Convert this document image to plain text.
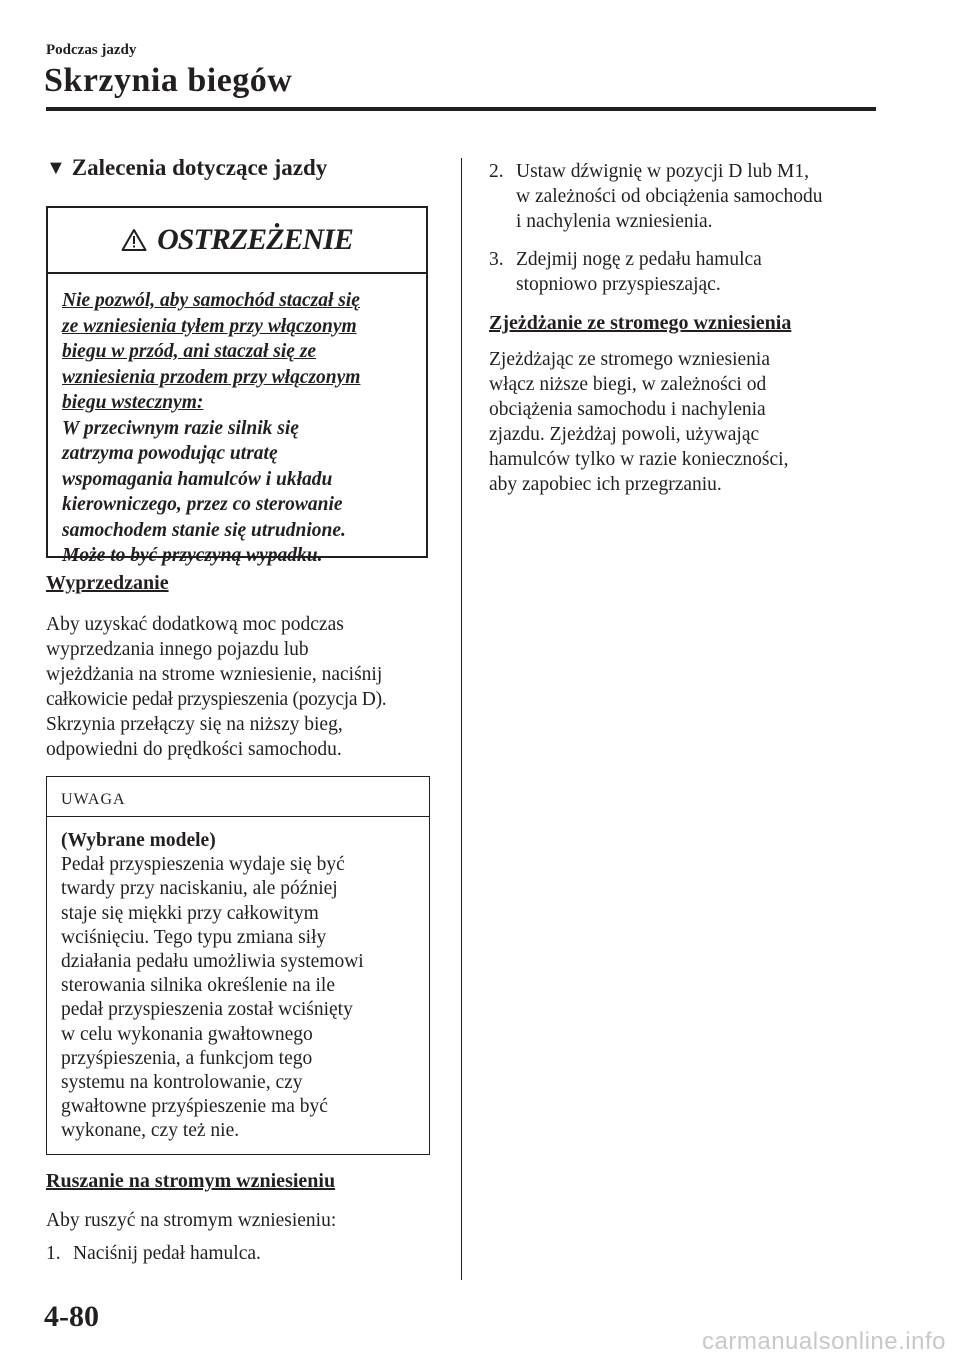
Podczas jazdy
Skrzynia biegów
▼ Zalecenia dotyczące jazdy
OSTRZEŻENIE
Nie pozwól, aby samochód staczał się
ze wzniesienia tyłem przy włączonym
biegu w przód, ani staczał się ze
wzniesienia przodem przy włączonym
biegu wstecznym:
W przeciwnym razie silnik się
zatrzyma powodując utratę
wspomagania hamulców i układu
kierowniczego, przez co sterowanie
samochodem stanie się utrudnione.
Może to być przyczyną wypadku.
Wyprzedzanie
Aby uzyskać dodatkową moc podczas
wyprzedzania innego pojazdu lub
wjeżdżania na strome wzniesienie, naciśnij
całkowicie pedał przyspieszenia (pozycja D).
Skrzynia przełączy się na niższy bieg,
odpowiedni do prędkości samochodu.
UWAGA
(Wybrane modele)
Pedał przyspieszenia wydaje się być
twardy przy naciskaniu, ale później
staje się miękki przy całkowitym
wciśnięciu. Tego typu zmiana siły
działania pedału umożliwia systemowi
sterowania silnika określenie na ile
pedał przyspieszenia został wciśnięty
w celu wykonania gwałtownego
przyśpieszenia, a funkcjom tego
systemu na kontrolowanie, czy
gwałtowne przyśpieszenie ma być
wykonane, czy też nie.
Ruszanie na stromym wzniesieniu
Aby ruszyć na stromym wzniesieniu:
1. Naciśnij pedał hamulca.
2. Ustaw dźwignię w pozycji D lub M1,
w zależności od obciążenia samochodu
i nachylenia wzniesienia.
3. Zdejmij nogę z pedału hamulca
stopniowo przyspieszając.
Zjeżdżanie ze stromego wzniesienia
Zjeżdżając ze stromego wzniesienia
włącz niższe biegi, w zależności od
obciążenia samochodu i nachylenia
zjazdu. Zjeżdżaj powoli, używając
hamulców tylko w razie konieczności,
aby zapobiec ich przegrzaniu.
4-80
carmanualsonline.info
